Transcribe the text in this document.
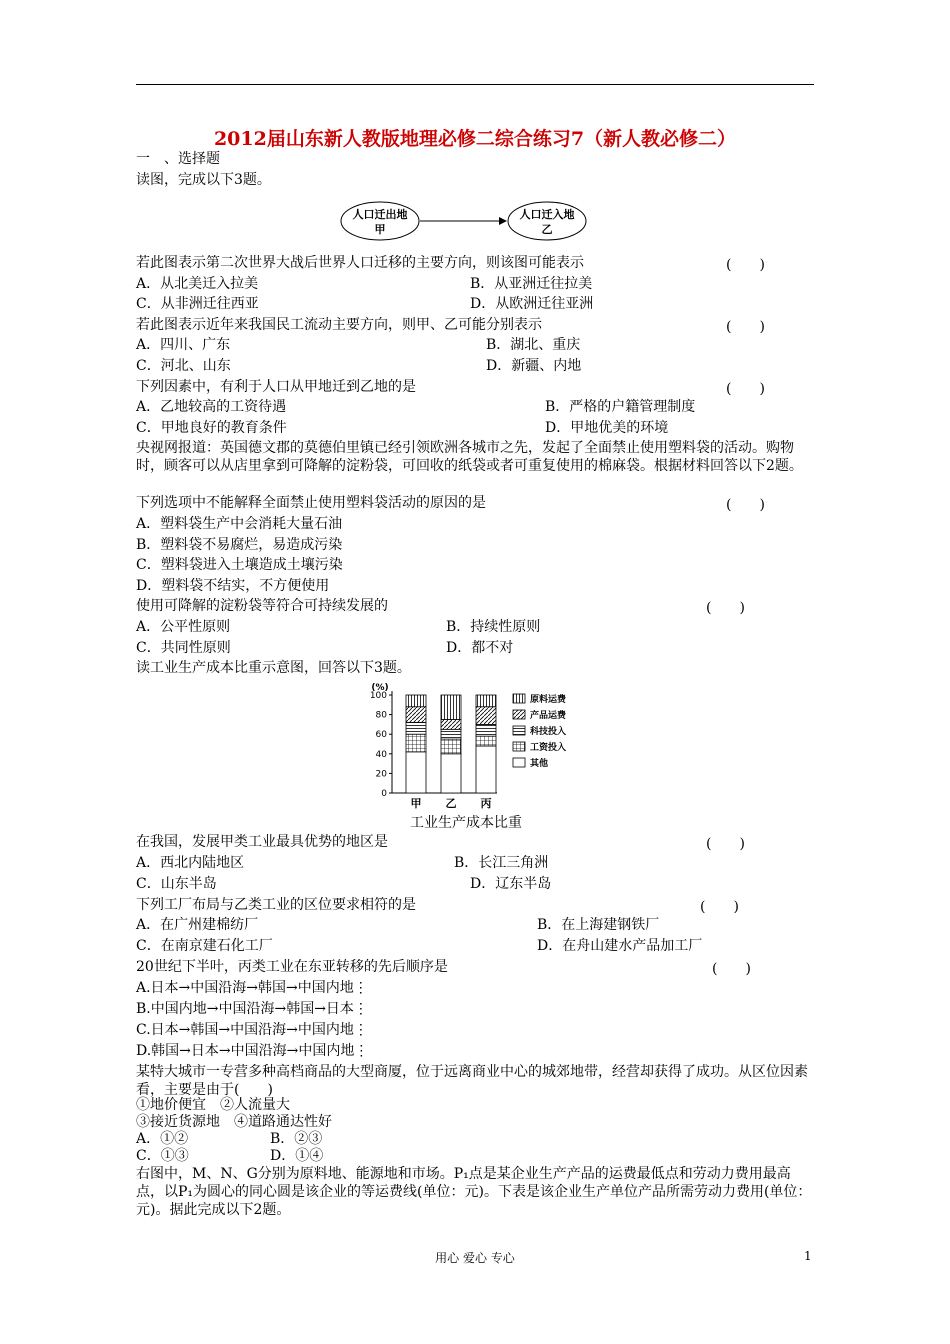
2012届山东新人教版地理必修二综合练习7（新人教必修二）
一　、选择题
读图，完成以下3题。
人口迁出地
甲
人口迁入地
乙
若此图表示第二次世界大战后世界人口迁移的主要方向，则该图可能表示	(　　)
A．从北美迁入拉美	B．从亚洲迁往拉美
C．从非洲迁往西亚	D．从欧洲迁往亚洲
若此图表示近年来我国民工流动主要方向，则甲、乙可能分别表示	(　　)
A．四川、广东	B．湖北、重庆
C．河北、山东	D．新疆、内地
下列因素中，有利于人口从甲地迁到乙地的是	(　　)
A．乙地较高的工资待遇	B．严格的户籍管理制度
C．甲地良好的教育条件	D．甲地优美的环境
央视网报道：英国德文郡的莫德伯里镇已经引领欧洲各城市之先，发起了全面禁止使用塑料袋的活动。购物时，顾客可以从店里拿到可降解的淀粉袋，可回收的纸袋或者可重复使用的棉麻袋。根据材料回答以下2题。
下列选项中不能解释全面禁止使用塑料袋活动的原因的是	(　　)
A．塑料袋生产中会消耗大量石油
B．塑料袋不易腐烂，易造成污染
C．塑料袋进入土壤造成土壤污染
D．塑料袋不结实，不方便使用
使用可降解的淀粉袋等符合可持续发展的	(　　)
A．公平性原则	B．持续性原则
C．共同性原则	D．都不对
读工业生产成本比重示意图，回答以下3题。
(%)
0
20
40
60
80
100
甲 乙 丙
原料运费
产品运费
科技投入
工资投入
其他
工业生产成本比重
在我国，发展甲类工业最具优势的地区是	(　　)
A．西北内陆地区	B．长江三角洲
C．山东半岛	D．辽东半岛
下列工厂布局与乙类工业的区位要求相符的是	(　　)
A．在广州建棉纺厂	B．在上海建钢铁厂
C．在南京建石化工厂	D．在舟山建水产品加工厂
20世纪下半叶，丙类工业在东亚转移的先后顺序是	(　　)
A.日本→中国沿海→韩国→中国内地⋮
B.中国内地→中国沿海→韩国→日本⋮
C.日本→韩国→中国沿海→中国内地⋮
D.韩国→日本→中国沿海→中国内地⋮
某特大城市一专营多种高档商品的大型商厦，位于远离商业中心的城郊地带，经营却获得了成功。从区位因素看，主要是由于(　　)
①地价便宜　②人流量大
③接近货源地　④道路通达性好
A．①②	B．②③
C．①③	D．①④
右图中，M、N、G分别为原料地、能源地和市场。P₁点是某企业生产产品的运费最低点和劳动力费用最高点，以P₁为圆心的同心圆是该企业的等运费线(单位：元)。下表是该企业生产单位产品所需劳动力费用(单位：元)。据此完成以下2题。
用心 爱心 专心	1
